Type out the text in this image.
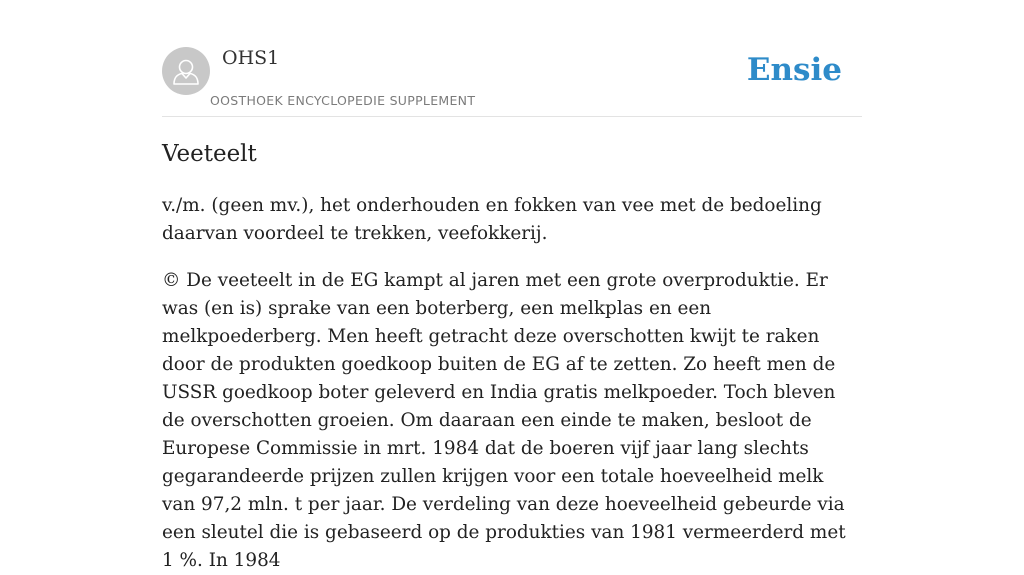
OHS1
OOSTHOEK ENCYCLOPEDIE SUPPLEMENT
Ensie
Veeteelt

v./m. (geen mv.), het onderhouden en fokken van vee met de bedoeling daarvan voordeel te trekken, veefokkerij.

© De veeteelt in de EG kampt al jaren met een grote overproduktie. Er was (en is) sprake van een boterberg, een melkplas en een melkpoederberg. Men heeft getracht deze overschotten kwijt te raken door de produkten goedkoop buiten de EG af te zetten. Zo heeft men de USSR goedkoop boter geleverd en India gratis melkpoeder. Toch bleven de overschotten groeien. Om daaraan een einde te maken, besloot de Europese Commissie in mrt. 1984 dat de boeren vijf jaar lang slechts gegarandeerde prijzen zullen krijgen voor een totale hoeveelheid melk van 97,2 mln. t per jaar. De verdeling van deze hoeveelheid gebeurde via een sleutel die is gebaseerd op de produkties van 1981 vermeerderd met 1 %. In 1984
